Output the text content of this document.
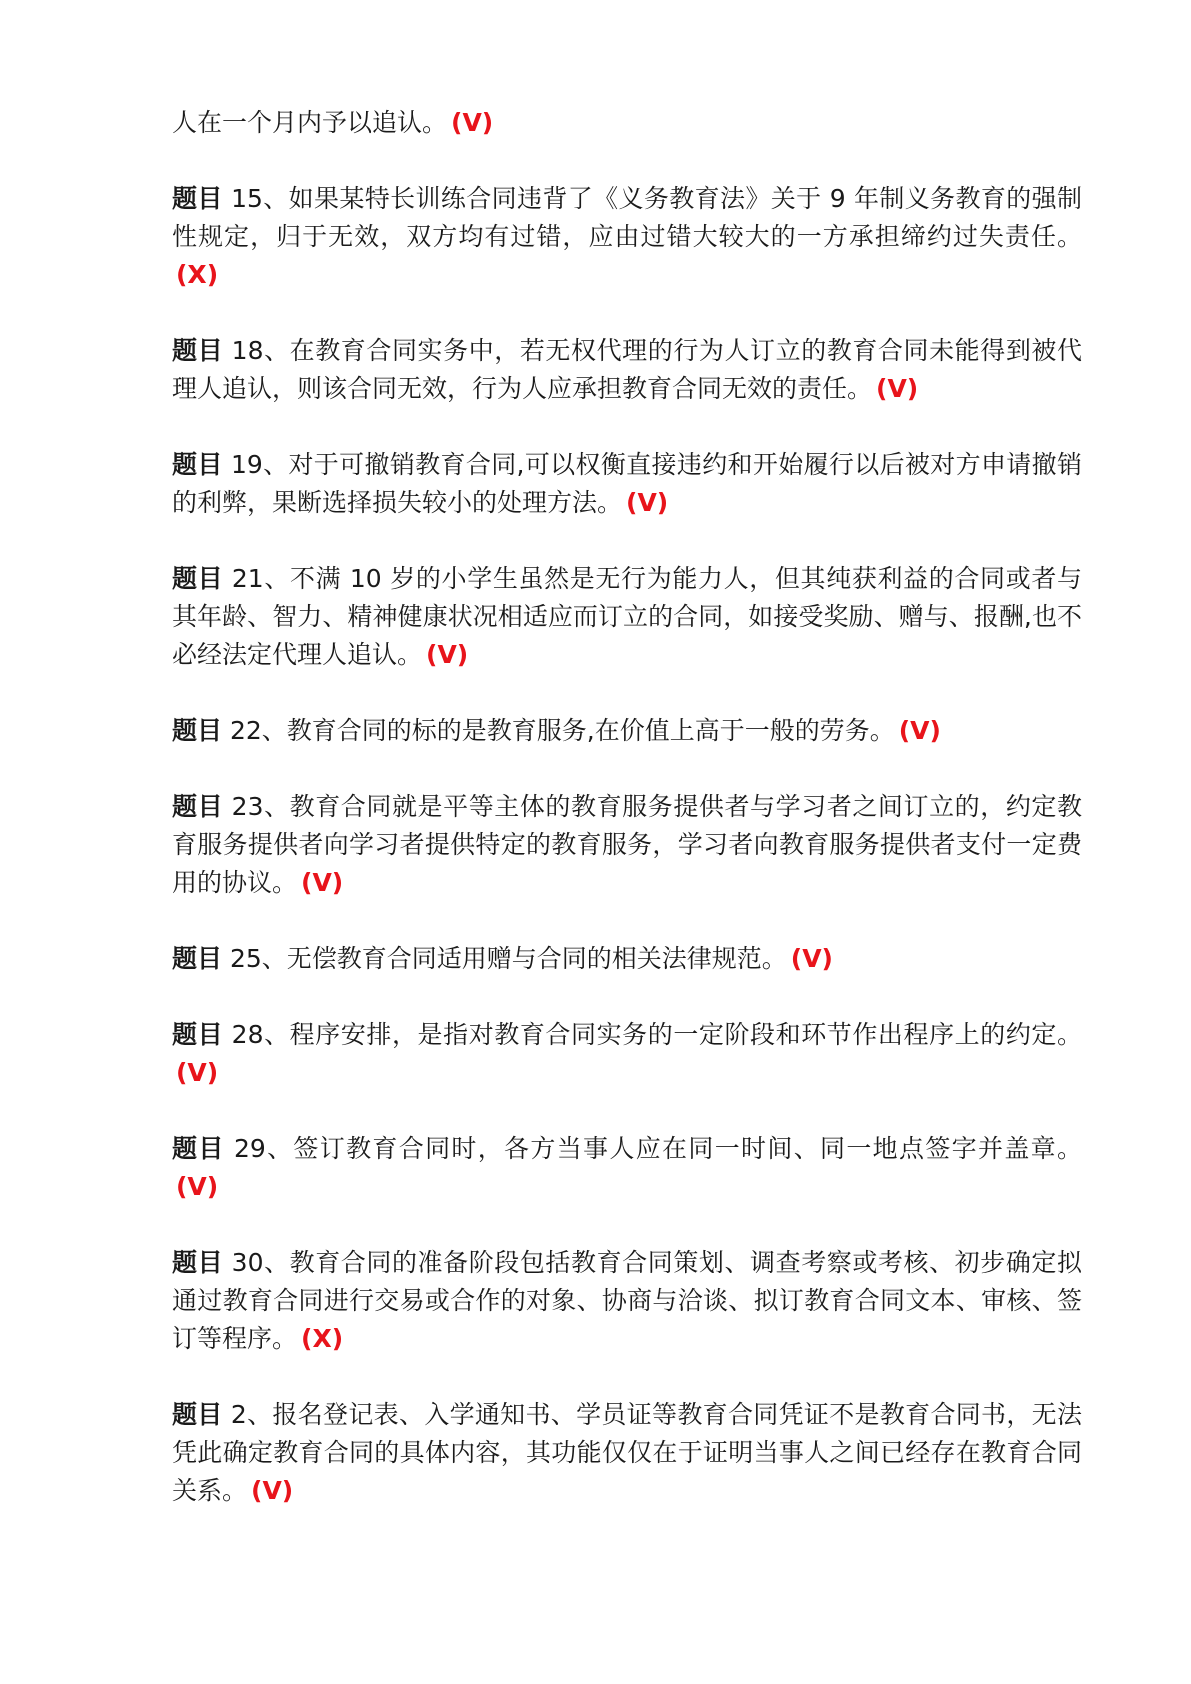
人在一个月内予以追认。 (V)

题目 15、如果某特长训练合同违背了《义务教育法》关于 9 年制义务教育的强制性规定，归于无效，双方均有过错，应由过错大较大的一方承担缔约过失责任。(X)

题目 18、在教育合同实务中，若无权代理的行为人订立的教育合同未能得到被代理人追认，则该合同无效，行为人应承担教育合同无效的责任。 (V)

题目 19、对于可撤销教育合同,可以权衡直接违约和开始履行以后被对方申请撤销的利弊，果断选择损失较小的处理方法。 (V)

题目 21、不满 10 岁的小学生虽然是无行为能力人，但其纯获利益的合同或者与其年龄、智力、精神健康状况相适应而订立的合同，如接受奖励、赠与、报酬,也不必经法定代理人追认。 (V)

题目 22、教育合同的标的是教育服务,在价值上高于一般的劳务。 (V)

题目 23、教育合同就是平等主体的教育服务提供者与学习者之间订立的，约定教育服务提供者向学习者提供特定的教育服务，学习者向教育服务提供者支付一定费用的协议。 (V)

题目 25、无偿教育合同适用赠与合同的相关法律规范。 (V)

题目 28、程序安排，是指对教育合同实务的一定阶段和环节作出程序上的约定。(V)

题目 29、签订教育合同时，各方当事人应在同一时间、同一地点签字并盖章。(V)

题目 30、教育合同的准备阶段包括教育合同策划、调查考察或考核、初步确定拟通过教育合同进行交易或合作的对象、协商与洽谈、拟订教育合同文本、审核、签订等程序。 (X)

题目 2、报名登记表、入学通知书、学员证等教育合同凭证不是教育合同书，无法凭此确定教育合同的具体内容，其功能仅仅在于证明当事人之间已经存在教育合同关系。 (V)
